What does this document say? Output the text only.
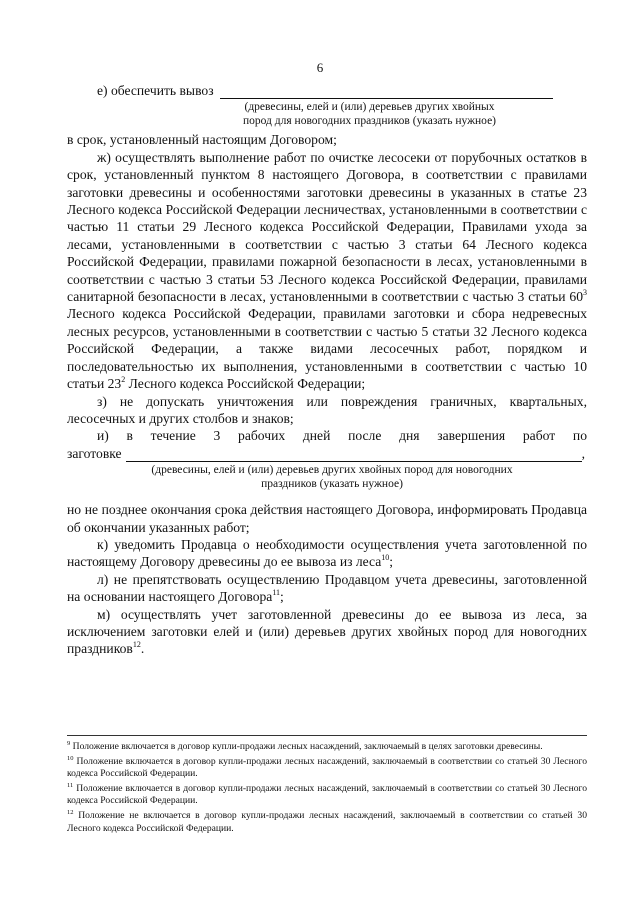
6
е) обеспечить вывоз
(древесины, елей и (или) деревьев других хвойных
пород для новогодних праздников (указать нужное)

в срок, установленный настоящим Договором;

ж) осуществлять выполнение работ по очистке лесосеки от порубочных остатков в срок, установленный пунктом 8 настоящего Договора, в соответствии с правилами заготовки древесины и особенностями заготовки древесины в указанных в статье 23 Лесного кодекса Российской Федерации лесничествах, установленными в соответствии с частью 11 статьи 29 Лесного кодекса Российской Федерации, Правилами ухода за лесами, установленными в соответствии с частью 3 статьи 64 Лесного кодекса Российской Федерации, правилами пожарной безопасности в лесах, установленными в соответствии с частью 3 статьи 53 Лесного кодекса Российской Федерации, правилами санитарной безопасности в лесах, установленными в соответствии с частью 3 статьи $60^3$ Лесного кодекса Российской Федерации, правилами заготовки и сбора недревесных лесных ресурсов, установленными в соответствии с частью 5 статьи 32 Лесного кодекса Российской Федерации, а также видами лесосечных работ, порядком и последовательностью их выполнения, установленными в соответствии с частью 10 статьи $23^2$ Лесного кодекса Российской Федерации;

з) не допускать уничтожения или повреждения граничных, квартальных, лесосечных и других столбов и знаков;

и) в течение 3 рабочих дней после дня завершения работ по

заготовке	,
(древесины, елей и (или) деревьев других хвойных пород для новогодних
праздников (указать нужное)

но не позднее окончания срока действия настоящего Договора, информировать Продавца об окончании указанных работ;

к) уведомить Продавца о необходимости осуществления учета заготовленной по настоящему Договору древесины до ее вывоза из леса$^{10}$;

л) не препятствовать осуществлению Продавцом учета древесины, заготовленной на основании настоящего Договора$^{11}$;

м) осуществлять учет заготовленной древесины до ее вывоза из леса, за исключением заготовки елей и (или) деревьев других хвойных пород для новогодних праздников$^{12}$.

$^9$ Положение включается в договор купли-продажи лесных насаждений, заключаемый в целях заготовки древесины.

$^{10}$ Положение включается в договор купли-продажи лесных насаждений, заключаемый в соответствии со статьей 30 Лесного кодекса Российской Федерации.

$^{11}$ Положение включается в договор купли-продажи лесных насаждений, заключаемый в соответствии со статьей 30 Лесного кодекса Российской Федерации.

$^{12}$ Положение не включается в договор купли-продажи лесных насаждений, заключаемый в соответствии со статьей 30 Лесного кодекса Российской Федерации.
